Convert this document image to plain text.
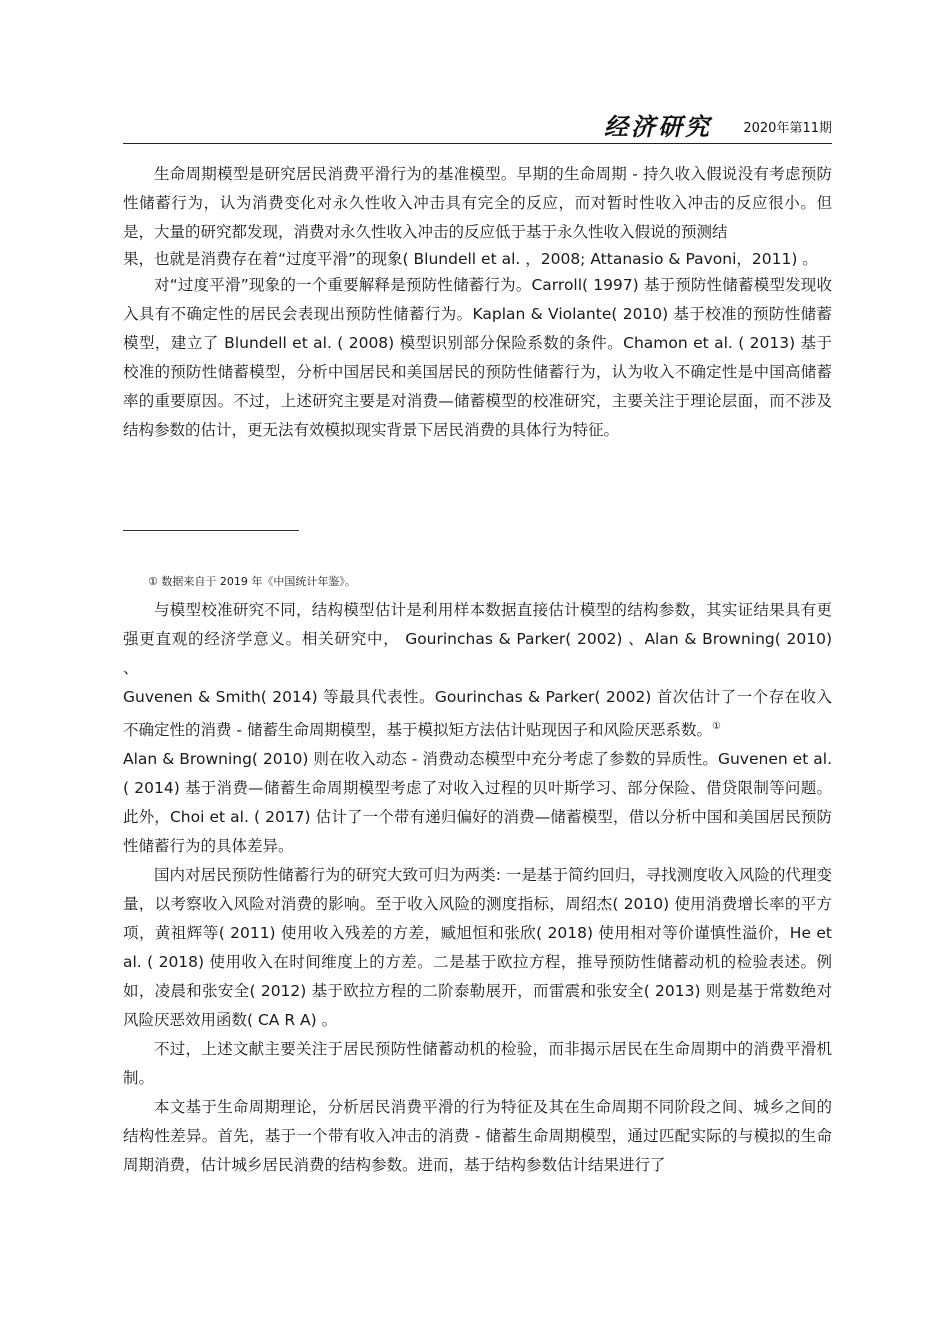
经济研究 2020年第11期

生命周期模型是研究居民消费平滑行为的基准模型。早期的生命周期 - 持久收入假说没有考虑预防性储蓄行为，认为消费变化对永久性收入冲击具有完全的反应，而对暂时性收入冲击的反应很小。但是，大量的研究都发现，消费对永久性收入冲击的反应低于基于永久性收入假说的预测结

果，也就是消费存在着“过度平滑”的现象( Blundell et al. ，2008; Attanasio & Pavoni，2011) 。

对“过度平滑”现象的一个重要解释是预防性储蓄行为。Carroll( 1997) 基于预防性储蓄模型发现收入具有不确定性的居民会表现出预防性储蓄行为。Kaplan & Violante( 2010) 基于校准的预防性储蓄模型，建立了 Blundell et al. ( 2008) 模型识别部分保险系数的条件。Chamon et al. ( 2013) 基于校准的预防性储蓄模型，分析中国居民和美国居民的预防性储蓄行为，认为收入不确定性是中国高储蓄率的重要原因。不过，上述研究主要是对消费—储蓄模型的校准研究，主要关注于理论层面，而不涉及结构参数的估计，更无法有效模拟现实背景下居民消费的具体行为特征。

① 数据来自于 2019 年《中国统计年鉴》。

与模型校准研究不同，结构模型估计是利用样本数据直接估计模型的结构参数，其实证结果具有更强更直观的经济学意义。相关研究中， Gourinchas & Parker( 2002) 、Alan & Browning( 2010) 、

Guvenen & Smith( 2014) 等最具代表性。Gourinchas & Parker( 2002) 首次估计了一个存在收入不确定性的消费 - 储蓄生命周期模型，基于模拟矩方法估计贴现因子和风险厌恶系数。①

Alan & Browning( 2010) 则在收入动态 - 消费动态模型中充分考虑了参数的异质性。Guvenen et al. ( 2014) 基于消费—储蓄生命周期模型考虑了对收入过程的贝叶斯学习、部分保险、借贷限制等问题。此外，Choi et al. ( 2017) 估计了一个带有递归偏好的消费—储蓄模型，借以分析中国和美国居民预防性储蓄行为的具体差异。

国内对居民预防性储蓄行为的研究大致可归为两类: 一是基于简约回归，寻找测度收入风险的代理变量，以考察收入风险对消费的影响。至于收入风险的测度指标，周绍杰( 2010) 使用消费增长率的平方项，黄祖辉等( 2011) 使用收入残差的方差，臧旭恒和张欣( 2018) 使用相对等价谨慎性溢价，He et al. ( 2018) 使用收入在时间维度上的方差。二是基于欧拉方程，推导预防性储蓄动机的检验表述。例如，凌晨和张安全( 2012) 基于欧拉方程的二阶泰勒展开，而雷震和张安全( 2013) 则是基于常数绝对风险厌恶效用函数( CA R A) 。

不过，上述文献主要关注于居民预防性储蓄动机的检验，而非揭示居民在生命周期中的消费平滑机制。

本文基于生命周期理论，分析居民消费平滑的行为特征及其在生命周期不同阶段之间、城乡之间的结构性差异。首先，基于一个带有收入冲击的消费 - 储蓄生命周期模型，通过匹配实际的与模拟的生命周期消费，估计城乡居民消费的结构参数。进而，基于结构参数估计结果进行了
